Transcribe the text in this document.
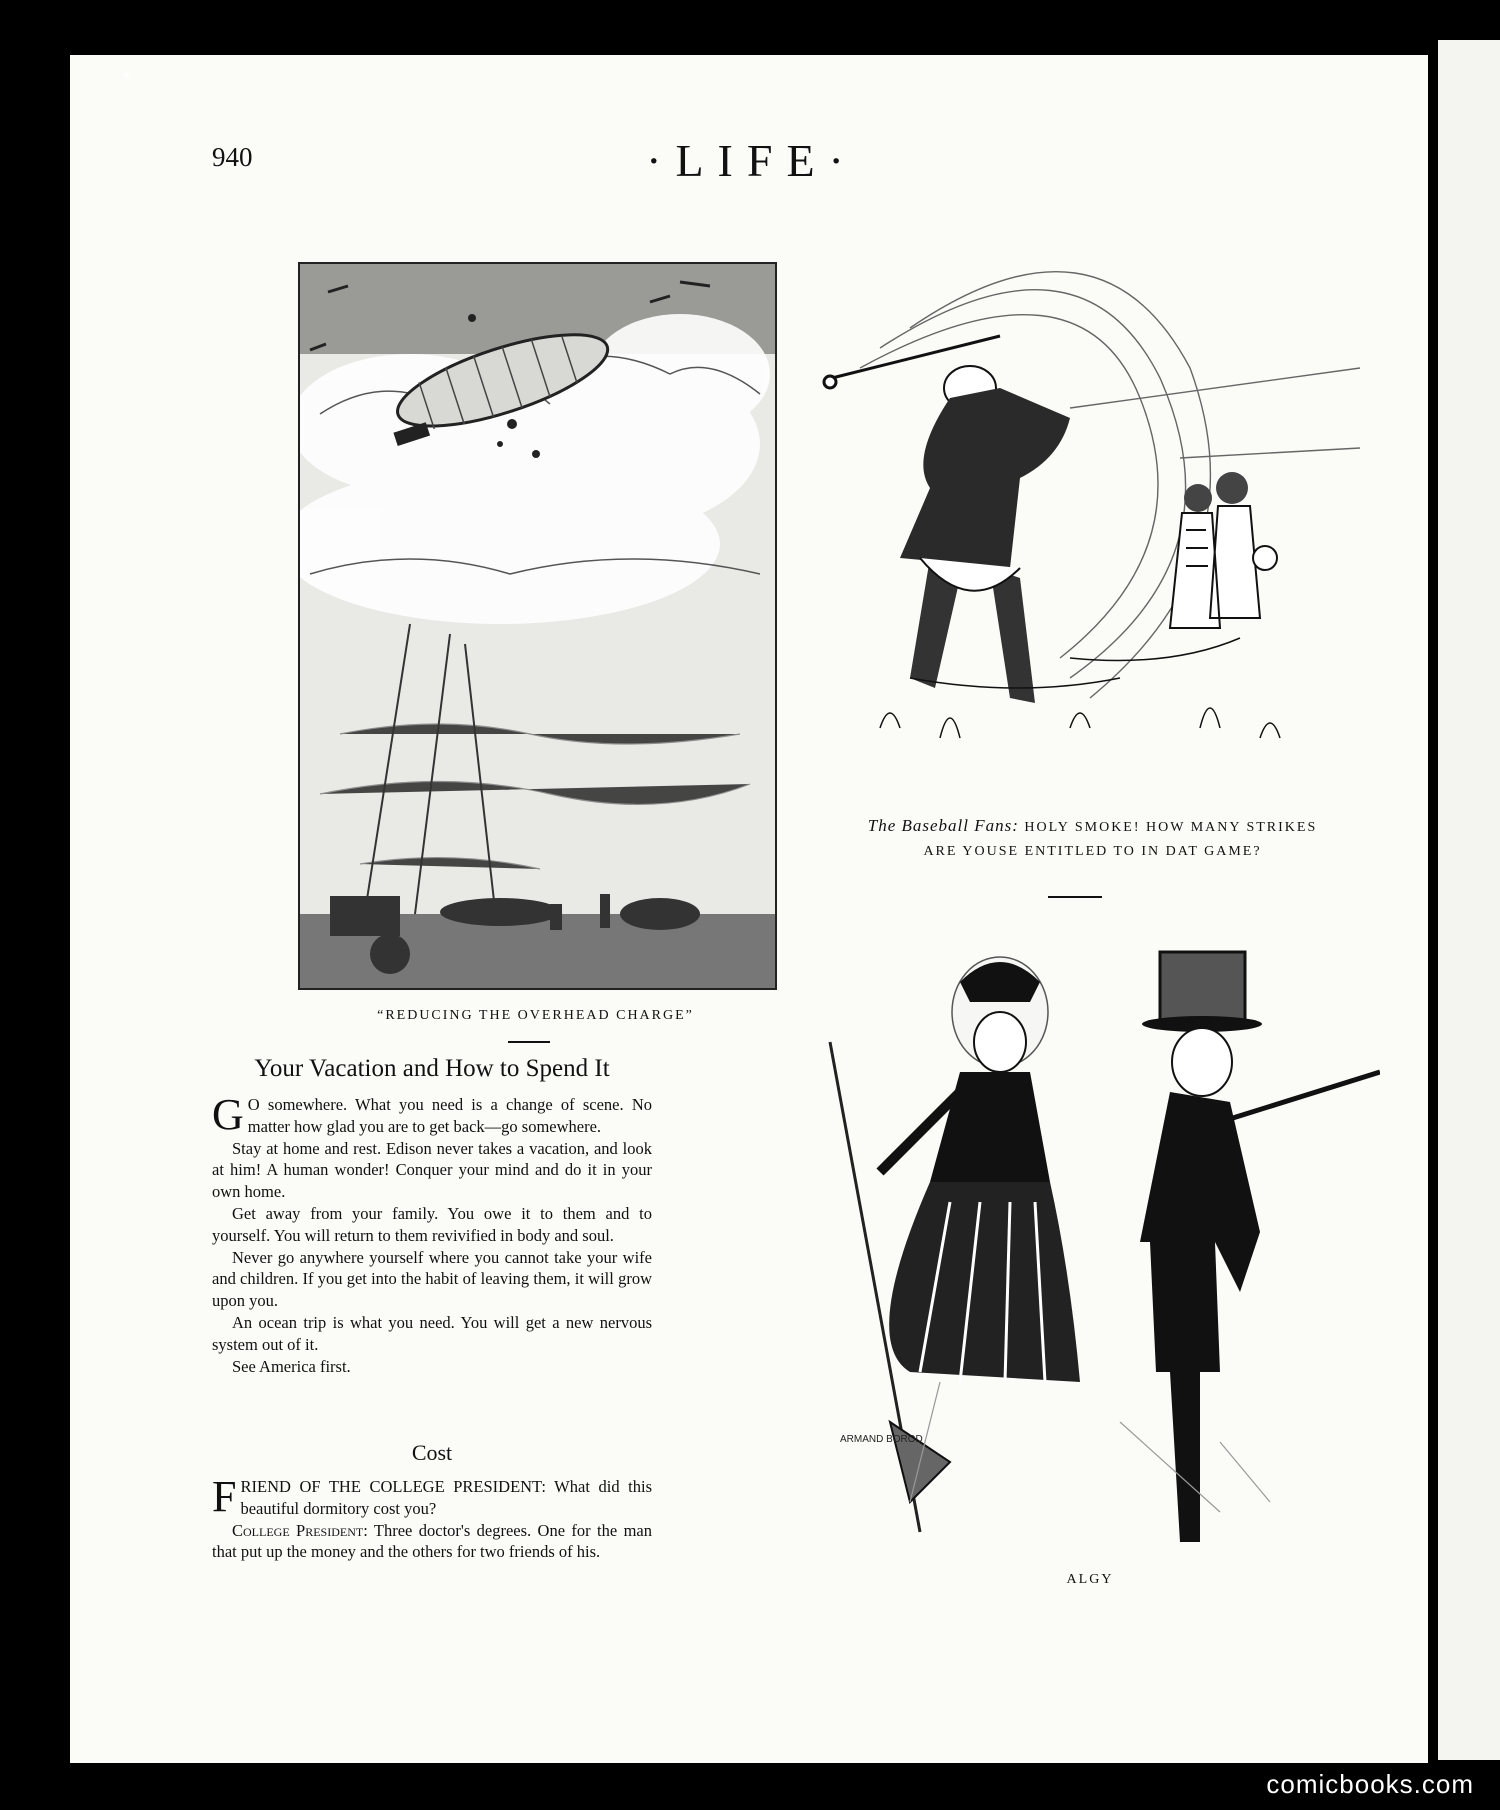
940	·LIFE·
“REDUCING THE OVERHEAD CHARGE”
The Baseball Fans: HOLY SMOKE! HOW MANY STRIKES
ARE YOUSE ENTITLED TO IN DAT GAME?
ARMAND BOROD
ALGY
Your Vacation and How to Spend It

G O somewhere. What you need is a change of scene. No matter how glad you are to get back—go somewhere.

Stay at home and rest. Edison never takes a vacation, and look at him! A human wonder! Conquer your mind and do it in your own home.

Get away from your family. You owe it to them and to yourself. You will return to them revivified in body and soul.

Never go anywhere yourself where you cannot take your wife and children. If you get into the habit of leaving them, it will grow upon you.

An ocean trip is what you need. You will get a new nervous system out of it.

See America first.

Cost

FRIEND OF THE COLLEGE PRESIDENT: What did this beautiful dormitory cost you?

College President: Three doctor's degrees. One for the man that put up the money and the others for two friends of his.

comicbooks.com
